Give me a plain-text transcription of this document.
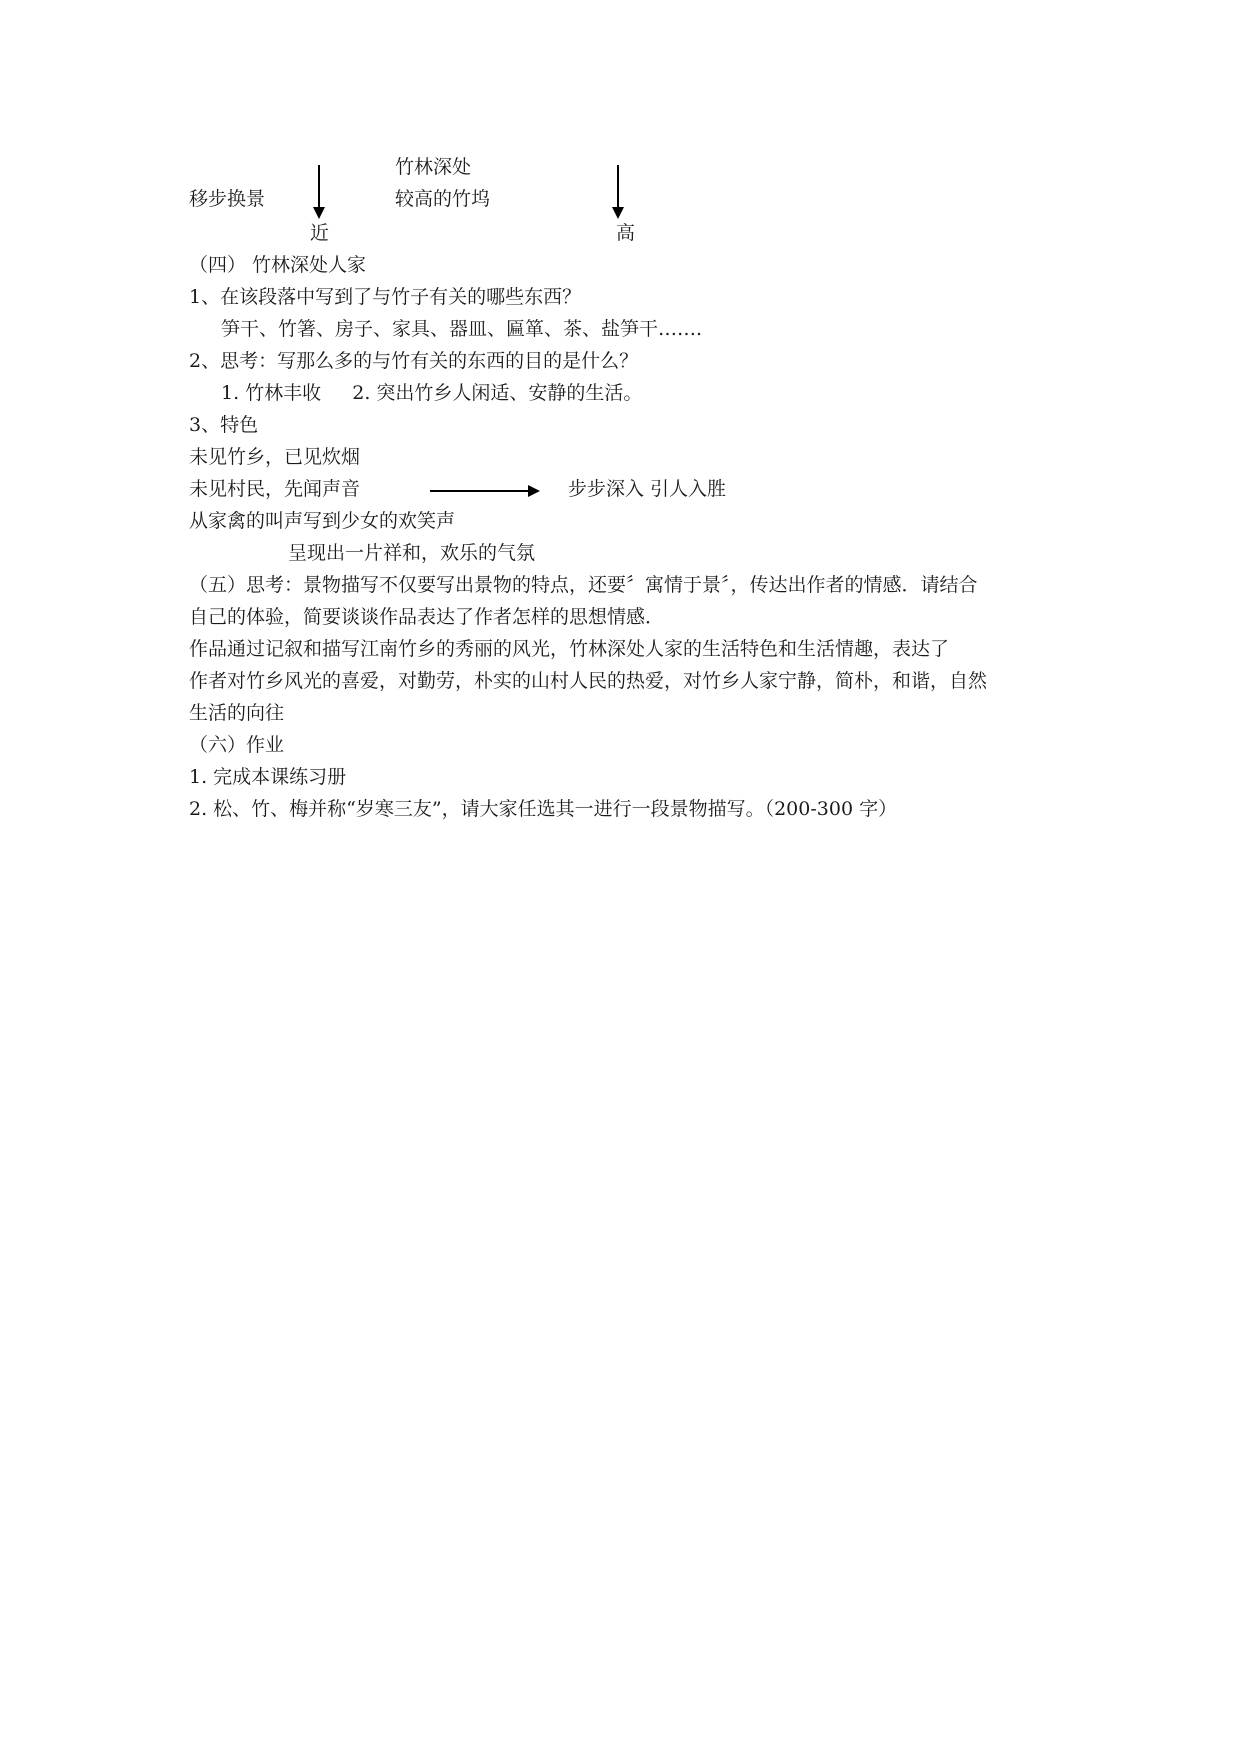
竹林深处

移步换景	较高的竹坞

近	高

（四） 竹林深处人家

1、在该段落中写到了与竹子有关的哪些东西？

笋干、竹箸、房子、家具、器皿、匾箪、茶、盐笋干…….

2、思考：写那么多的与竹有关的东西的目的是什么？

1. 竹林丰收 　 2. 突出竹乡人闲适、安静的生活。

3、特色

未见竹乡，已见炊烟

未见村民，先闻声音	步步深入 引人入胜

从家禽的叫声写到少女的欢笑声

呈现出一片祥和，欢乐的气氛

（五）思考：景物描写不仅要写出景物的特点，还要〞寓情于景〞，传达出作者的情感．请结合

自己的体验，简要谈谈作品表达了作者怎样的思想情感．

作品通过记叙和描写江南竹乡的秀丽的风光，竹林深处人家的生活特色和生活情趣，表达了

作者对竹乡风光的喜爱，对勤劳，朴实的山村人民的热爱，对竹乡人家宁静，简朴，和谐，自然

生活的向往

（六）作业

1. 完成本课练习册

2. 松、竹、梅并称“岁寒三友”，请大家任选其一进行一段景物描写。（200-300 字）
